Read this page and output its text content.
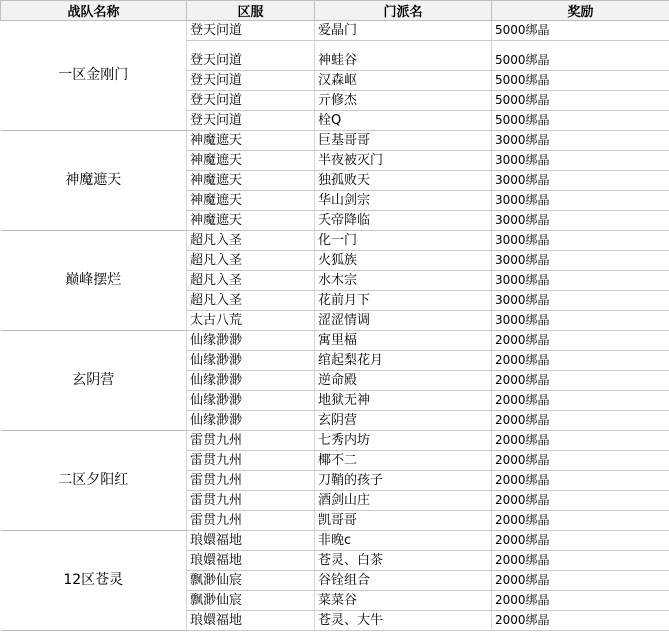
战队名称	区服	门派名	奖励
一区金刚门	登天问道	爱晶门	5000绑晶
	登天问道	神蛙谷	5000绑晶
	登天问道	汉森岖	5000绑晶
	登天问道	亓修杰	5000绑晶
	登天问道	栓Q	5000绑晶
神魔遮天	神魔遮天	巨基哥哥	3000绑晶
	神魔遮天	半夜被灭门	3000绑晶
	神魔遮天	独孤败天	3000绑晶
	神魔遮天	华山剑宗	3000绑晶
	神魔遮天	夭帝降临	3000绑晶
巅峰摆烂	超凡入圣	化一门	3000绑晶
	超凡入圣	火狐族	3000绑晶
	超凡入圣	水木宗	3000绑晶
	超凡入圣	花前月下	3000绑晶
	太古八荒	涩涩情调	3000绑晶
玄阴营	仙缘渺渺	寓里楅	2000绑晶
	仙缘渺渺	绾起梨花月	2000绑晶
	仙缘渺渺	逆命殿	2000绑晶
	仙缘渺渺	地狱无神	2000绑晶
	仙缘渺渺	玄阴营	2000绑晶
二区夕阳红	雷贯九州	七秀内坊	2000绑晶
	雷贯九州	椰不二	2000绑晶
	雷贯九州	刀鞘的孩子	2000绑晶
	雷贯九州	酒剑山庄	2000绑晶
	雷贯九州	凯哥哥	2000绑晶
12区苍灵	琅嬛福地	非晚c	2000绑晶
	琅嬛福地	苍灵、白茶	2000绑晶
	飘渺仙宸	谷铨组合	2000绑晶
	飘渺仙宸	菜菜谷	2000绑晶
	琅嬛福地	苍灵、大牛	2000绑晶
